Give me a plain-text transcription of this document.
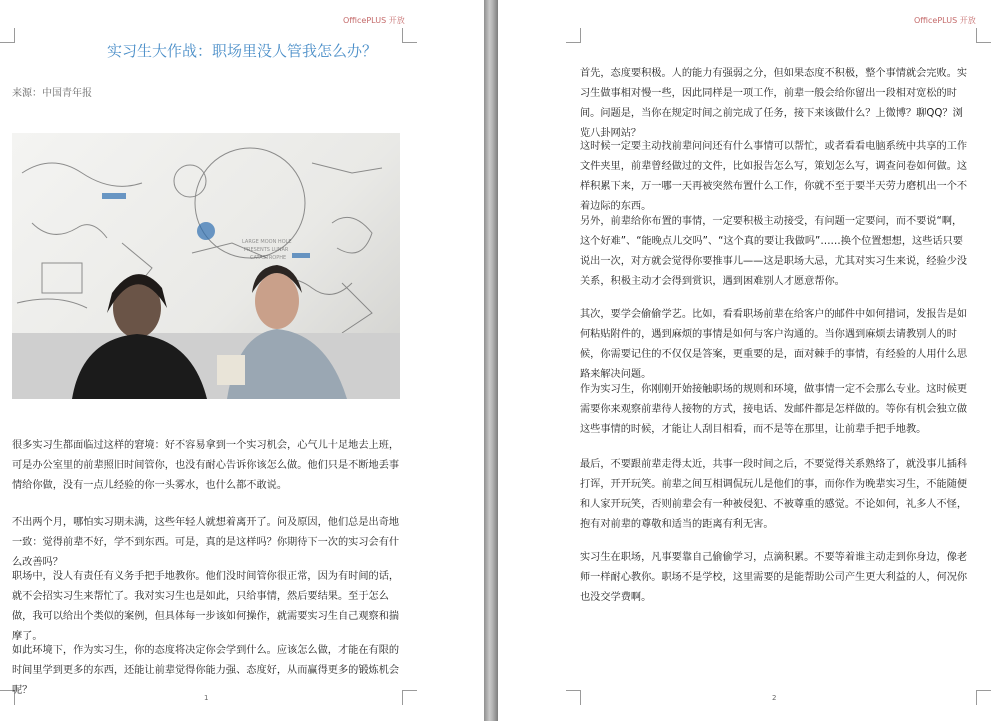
OfficePLUS 开放
实习生大作战：职场里没人管我怎么办？
来源：中国青年报
LARGE MOON HOLE
PRESENTS LUNAR
CATASTROPHE

很多实习生都面临过这样的窘境：好不容易拿到一个实习机会，心气儿十足地去上班，可是办公室里的前辈照旧时间管你，也没有耐心告诉你该怎么做。他们只是不断地丢事情给你做，没有一点儿经验的你一头雾水，也什么都不敢说。

不出两个月，哪怕实习期未满，这些年轻人就想着离开了。问及原因，他们总是出奇地一致：觉得前辈不好，学不到东西。可是，真的是这样吗？你期待下一次的实习会有什么改善吗？

职场中，没人有责任有义务手把手地教你。他们没时间管你很正常，因为有时间的话，就不会招实习生来帮忙了。我对实习生也是如此，只给事情，然后要结果。至于怎么做，我可以给出个类似的案例，但具体每一步该如何操作，就需要实习生自己观察和揣摩了。

如此环境下，作为实习生，你的态度将决定你会学到什么。应该怎么做，才能在有限的时间里学到更多的东西，还能让前辈觉得你能力强、态度好，从而赢得更多的锻炼机会呢？

1
OfficePLUS 开放

首先，态度要积极。人的能力有强弱之分，但如果态度不积极，整个事情就会完败。实习生做事相对慢一些，因此同样是一项工作，前辈一般会给你留出一段相对宽松的时间。问题是，当你在规定时间之前完成了任务，接下来该做什么？上微博？聊QQ？浏览八卦网站？

这时候一定要主动找前辈问问还有什么事情可以帮忙，或者看看电脑系统中共享的工作文件夹里，前辈曾经做过的文件，比如报告怎么写，策划怎么写，调查问卷如何做。这样积累下来，万一哪一天再被突然布置什么工作，你就不至于要半天劳力磨机出一个不着边际的东西。

另外，前辈给你布置的事情，一定要积极主动接受，有问题一定要问，而不要说“啊，这个好难”、“能晚点儿交吗”、“这个真的要让我做吗”……换个位置想想，这些话只要说出一次，对方就会觉得你要推事儿——这是职场大忌，尤其对实习生来说，经验少没关系，积极主动才会得到赏识，遇到困难别人才愿意帮你。

其次，要学会偷偷学艺。比如，看看职场前辈在给客户的邮件中如何措词，发报告是如何粘贴附件的，遇到麻烦的事情是如何与客户沟通的。当你遇到麻烦去请教别人的时候，你需要记住的不仅仅是答案，更重要的是，面对棘手的事情，有经验的人用什么思路来解决问题。

作为实习生，你刚刚开始接触职场的规则和环境，做事情一定不会那么专业。这时候更需要你来观察前辈待人接物的方式，接电话、发邮件都是怎样做的。等你有机会独立做这些事情的时候，才能让人刮目相看，而不是等在那里，让前辈手把手地教。

最后，不要跟前辈走得太近，共事一段时间之后，不要觉得关系熟络了，就没事儿插科打诨，开开玩笑。前辈之间互相调侃玩儿是他们的事，而你作为晚辈实习生，不能随便和人家开玩笑，否则前辈会有一种被侵犯、不被尊重的感觉。不论如何，礼多人不怪，抱有对前辈的尊敬和适当的距离有利无害。

实习生在职场，凡事要靠自己偷偷学习，点滴积累。不要等着谁主动走到你身边，像老师一样耐心教你。职场不是学校，这里需要的是能帮助公司产生更大利益的人，何况你也没交学费啊。

2
